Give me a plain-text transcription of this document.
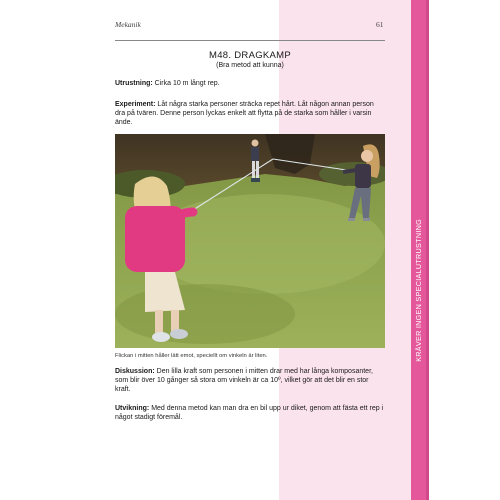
KRÄVER INGEN SPECIALUTRUSTNING
Mekanik	61
M48. DRAGKAMP
(Bra metod att kunna)

Utrustning: Cirka 10 m långt rep.

Experiment: Låt några starka personer sträcka repet hårt. Låt någon annan person dra på tvären. Denne person lyckas enkelt att flytta på de starka som håller i varsin ände.

Flickan i mitten håller lätt emot, speciellt om vinkeln är liten.

Diskussion: Den lilla kraft som personen i mitten drar med har långa komposanter, som blir över 10 gånger så stora om vinkeln är ca 10º, vilket gör att det blir en stor kraft.

Utvikning: Med denna metod kan man dra en bil upp ur diket, genom att fästa ett rep i något stadigt föremål.
